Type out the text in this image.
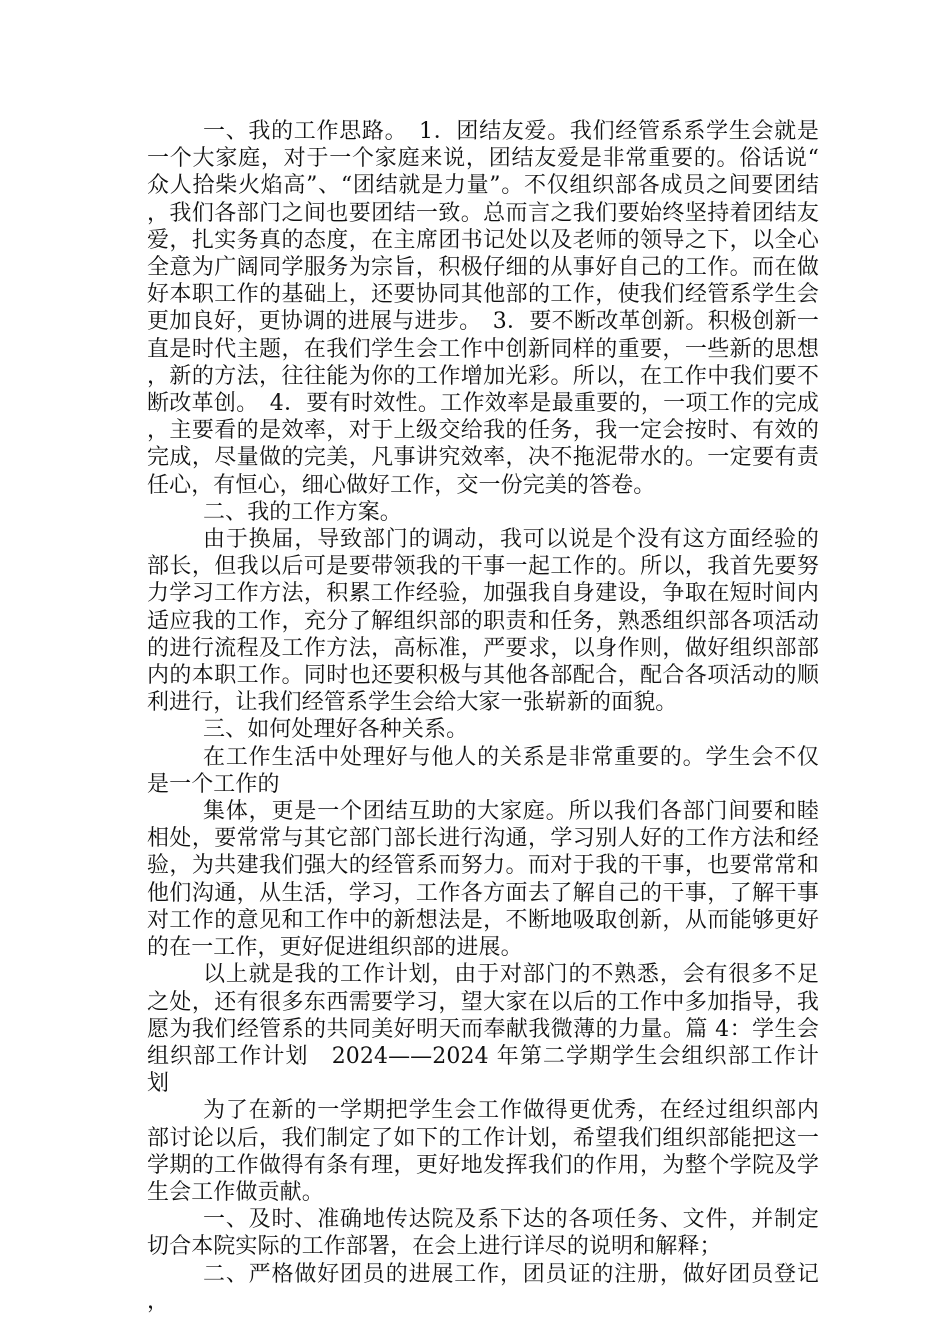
一、我的工作思路。　1．团结友爱。我们经管系系学生会就是一个大家庭，对于一个家庭来说，团结友爱是非常重要的。俗话说“众人拾柴火焰高”、“团结就是力量”。不仅组织部各成员之间要团结，我们各部门之间也要团结一致。总而言之我们要始终坚持着团结友爱，扎实务真的态度，在主席团书记处以及老师的领导之下，以全心全意为广阔同学服务为宗旨，积极仔细的从事好自己的工作。而在做好本职工作的基础上，还要协同其他部的工作，使我们经管系学生会更加良好，更协调的进展与进步。　3．要不断改革创新。积极创新一直是时代主题，在我们学生会工作中创新同样的重要，一些新的思想，新的方法，往往能为你的工作增加光彩。所以，在工作中我们要不断改革创。　4．要有时效性。工作效率是最重要的，一项工作的完成，主要看的是效率，对于上级交给我的任务，我一定会按时、有效的完成，尽量做的完美，凡事讲究效率，决不拖泥带水的。一定要有责任心，有恒心，细心做好工作，交一份完美的答卷。

二、我的工作方案。

由于换届，导致部门的调动，我可以说是个没有这方面经验的部长，但我以后可是要带领我的干事一起工作的。所以，我首先要努力学习工作方法，积累工作经验，加强我自身建设，争取在短时间内适应我的工作，充分了解组织部的职责和任务，熟悉组织部各项活动的进行流程及工作方法，高标准，严要求，以身作则，做好组织部部内的本职工作。同时也还要积极与其他各部配合，配合各项活动的顺利进行，让我们经管系学生会给大家一张崭新的面貌。

三、如何处理好各种关系。

在工作生活中处理好与他人的关系是非常重要的。学生会不仅是一个工作的

集体，更是一个团结互助的大家庭。所以我们各部门间要和睦相处，要常常与其它部门部长进行沟通，学习别人好的工作方法和经验，为共建我们强大的经管系而努力。而对于我的干事，也要常常和他们沟通，从生活，学习，工作各方面去了解自己的干事，了解干事对工作的意见和工作中的新想法是，不断地吸取创新，从而能够更好的在一工作，更好促进组织部的进展。

以上就是我的工作计划，由于对部门的不熟悉，会有很多不足之处，还有很多东西需要学习，望大家在以后的工作中多加指导，我愿为我们经管系的共同美好明天而奉献我微薄的力量。篇 4：学生会组织部工作计划　2024——2024 年第二学期学生会组织部工作计划

为了在新的一学期把学生会工作做得更优秀，在经过组织部内部讨论以后，我们制定了如下的工作计划，希望我们组织部能把这一学期的工作做得有条有理，更好地发挥我们的作用，为整个学院及学生会工作做贡献。

一、及时、准确地传达院及系下达的各项任务、文件，并制定切合本院实际的工作部署，在会上进行详尽的说明和解释；

二、严格做好团员的进展工作，团员证的注册，做好团员登记，
